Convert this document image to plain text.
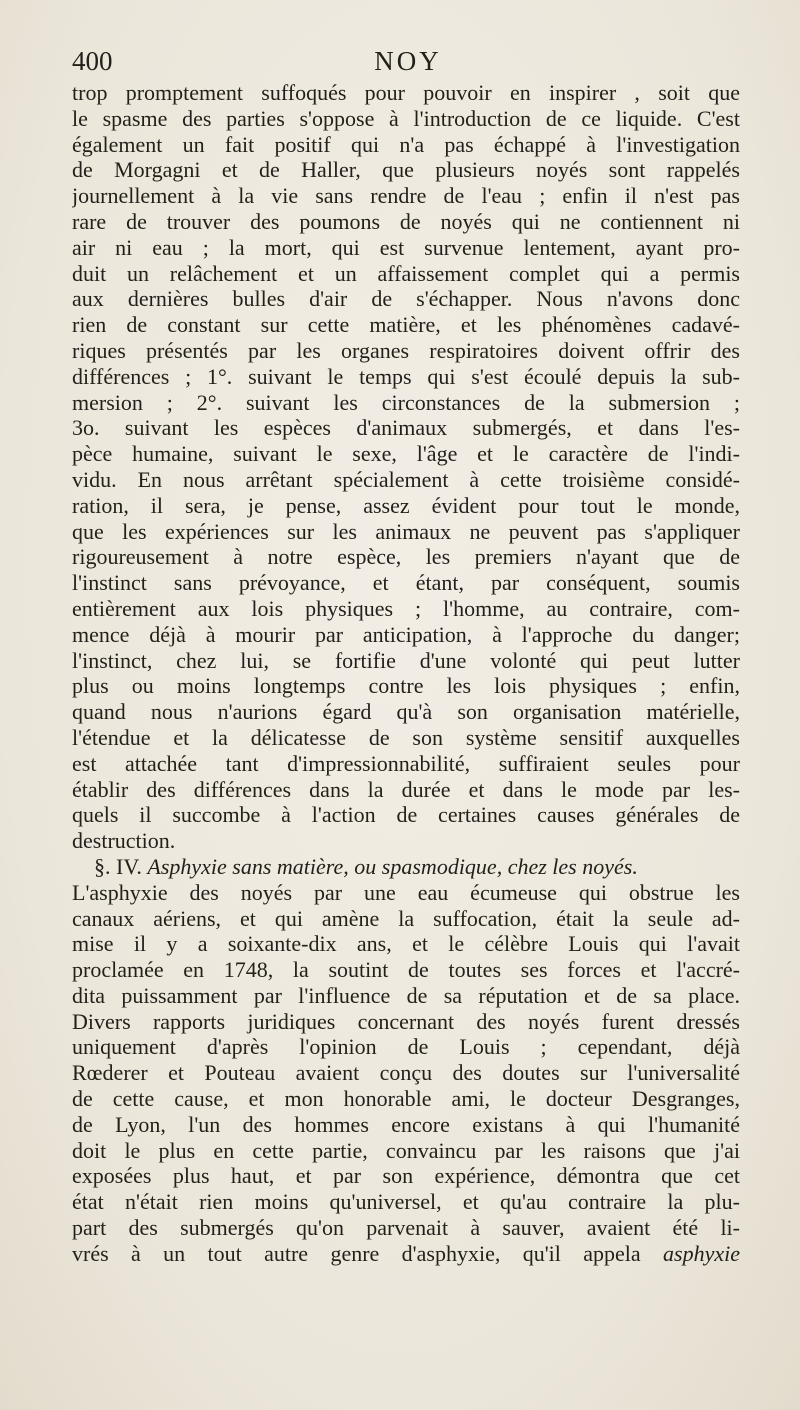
400	NOY
trop promptement suffoqués pour pouvoir en inspirer , soit que
le spasme des parties s'oppose à l'introduction de ce liquide. C'est
également un fait positif qui n'a pas échappé à l'investigation
de Morgagni et de Haller, que plusieurs noyés sont rappelés
journellement à la vie sans rendre de l'eau ; enfin il n'est pas
rare de trouver des poumons de noyés qui ne contiennent ni
air ni eau ; la mort, qui est survenue lentement, ayant pro-
duit un relâchement et un affaissement complet qui a permis
aux dernières bulles d'air de s'échapper. Nous n'avons donc
rien de constant sur cette matière, et les phénomènes cadavé-
riques présentés par les organes respiratoires doivent offrir des
différences ; 1°. suivant le temps qui s'est écoulé depuis la sub-
mersion ; 2°. suivant les circonstances de la submersion ;
3o. suivant les espèces d'animaux submergés, et dans l'es-
pèce humaine, suivant le sexe, l'âge et le caractère de l'indi-
vidu. En nous arrêtant spécialement à cette troisième considé-
ration, il sera, je pense, assez évident pour tout le monde,
que les expériences sur les animaux ne peuvent pas s'appliquer
rigoureusement à notre espèce, les premiers n'ayant que de
l'instinct sans prévoyance, et étant, par conséquent, soumis
entièrement aux lois physiques ; l'homme, au contraire, com-
mence déjà à mourir par anticipation, à l'approche du danger;
l'instinct, chez lui, se fortifie d'une volonté qui peut lutter
plus ou moins longtemps contre les lois physiques ; enfin,
quand nous n'aurions égard qu'à son organisation matérielle,
l'étendue et la délicatesse de son système sensitif auxquelles
est attachée tant d'impressionnabilité, suffiraient seules pour
établir des différences dans la durée et dans le mode par les-
quels il succombe à l'action de certaines causes générales de
destruction.
§. IV. Asphyxie sans matière, ou spasmodique, chez les noyés.
L'asphyxie des noyés par une eau écumeuse qui obstrue les
canaux aériens, et qui amène la suffocation, était la seule ad-
mise il y a soixante-dix ans, et le célèbre Louis qui l'avait
proclamée en 1748, la soutint de toutes ses forces et l'accré-
dita puissamment par l'influence de sa réputation et de sa place.
Divers rapports juridiques concernant des noyés furent dressés
uniquement d'après l'opinion de Louis ; cependant, déjà
Rœderer et Pouteau avaient conçu des doutes sur l'universalité
de cette cause, et mon honorable ami, le docteur Desgranges,
de Lyon, l'un des hommes encore existans à qui l'humanité
doit le plus en cette partie, convaincu par les raisons que j'ai
exposées plus haut, et par son expérience, démontra que cet
état n'était rien moins qu'universel, et qu'au contraire la plu-
part des submergés qu'on parvenait à sauver, avaient été li-
vrés à un tout autre genre d'asphyxie, qu'il appela asphyxie
